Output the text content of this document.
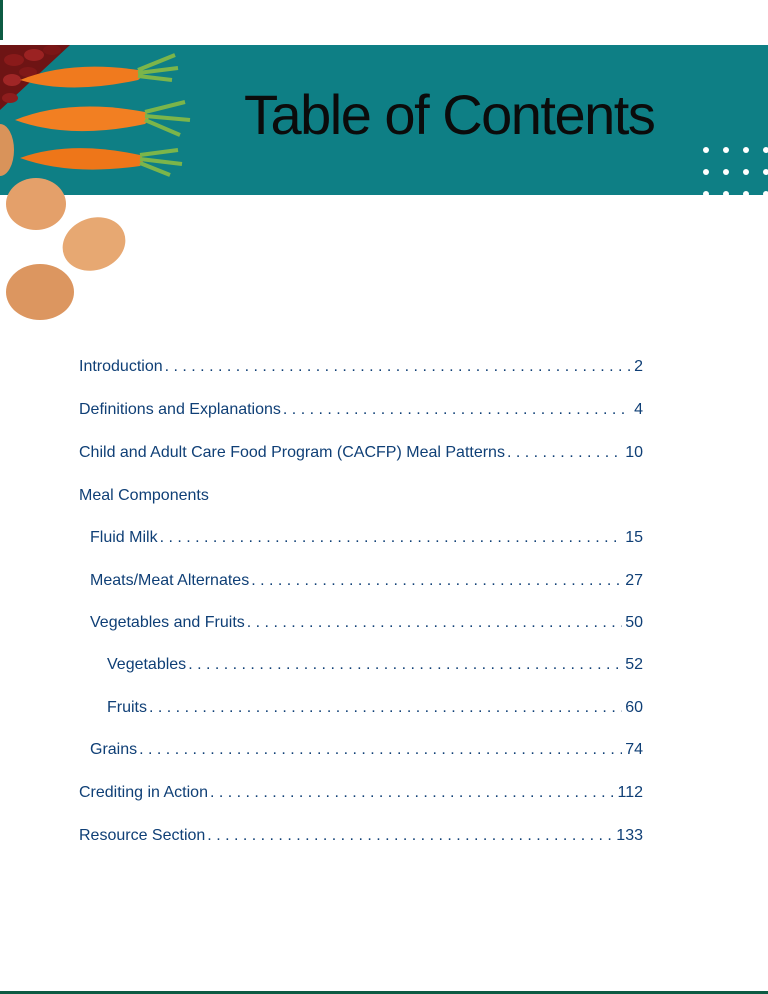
Table of Contents
Introduction . . .	2
Definitions and Explanations . . .	4
Child and Adult Care Food Program (CACFP) Meal Patterns . . .	10
Meal Components
Fluid Milk . . .	15
Meats/Meat Alternates . . .	27
Vegetables and Fruits . . .	50
Vegetables . . .	52
Fruits . . .	60
Grains . . .	74
Crediting in Action . . .	112
Resource Section . . .	133
